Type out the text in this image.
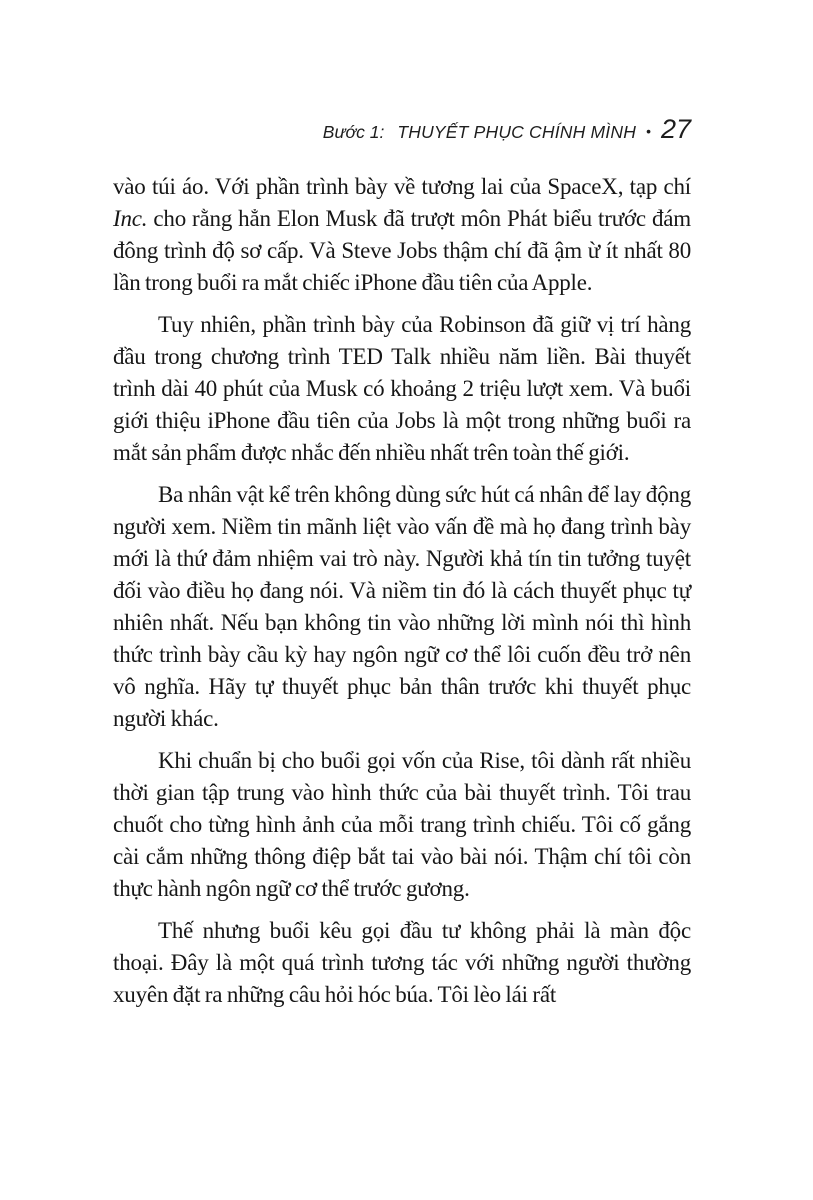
Bước 1: THUYẾT PHỤC CHÍNH MÌNH • 27

vào túi áo. Với phần trình bày về tương lai của SpaceX, tạp chí Inc. cho rằng hẳn Elon Musk đã trượt môn Phát biểu trước đám đông trình độ sơ cấp. Và Steve Jobs thậm chí đã ậm ừ ít nhất 80 lần trong buổi ra mắt chiếc iPhone đầu tiên của Apple.

Tuy nhiên, phần trình bày của Robinson đã giữ vị trí hàng đầu trong chương trình TED Talk nhiều năm liền. Bài thuyết trình dài 40 phút của Musk có khoảng 2 triệu lượt xem. Và buổi giới thiệu iPhone đầu tiên của Jobs là một trong những buổi ra mắt sản phẩm được nhắc đến nhiều nhất trên toàn thế giới.

Ba nhân vật kể trên không dùng sức hút cá nhân để lay động người xem. Niềm tin mãnh liệt vào vấn đề mà họ đang trình bày mới là thứ đảm nhiệm vai trò này. Người khả tín tin tưởng tuyệt đối vào điều họ đang nói. Và niềm tin đó là cách thuyết phục tự nhiên nhất. Nếu bạn không tin vào những lời mình nói thì hình thức trình bày cầu kỳ hay ngôn ngữ cơ thể lôi cuốn đều trở nên vô nghĩa. Hãy tự thuyết phục bản thân trước khi thuyết phục người khác.

Khi chuẩn bị cho buổi gọi vốn của Rise, tôi dành rất nhiều thời gian tập trung vào hình thức của bài thuyết trình. Tôi trau chuốt cho từng hình ảnh của mỗi trang trình chiếu. Tôi cố gắng cài cắm những thông điệp bắt tai vào bài nói. Thậm chí tôi còn thực hành ngôn ngữ cơ thể trước gương.

Thế nhưng buổi kêu gọi đầu tư không phải là màn độc thoại. Đây là một quá trình tương tác với những người thường xuyên đặt ra những câu hỏi hóc búa. Tôi lèo lái rất
